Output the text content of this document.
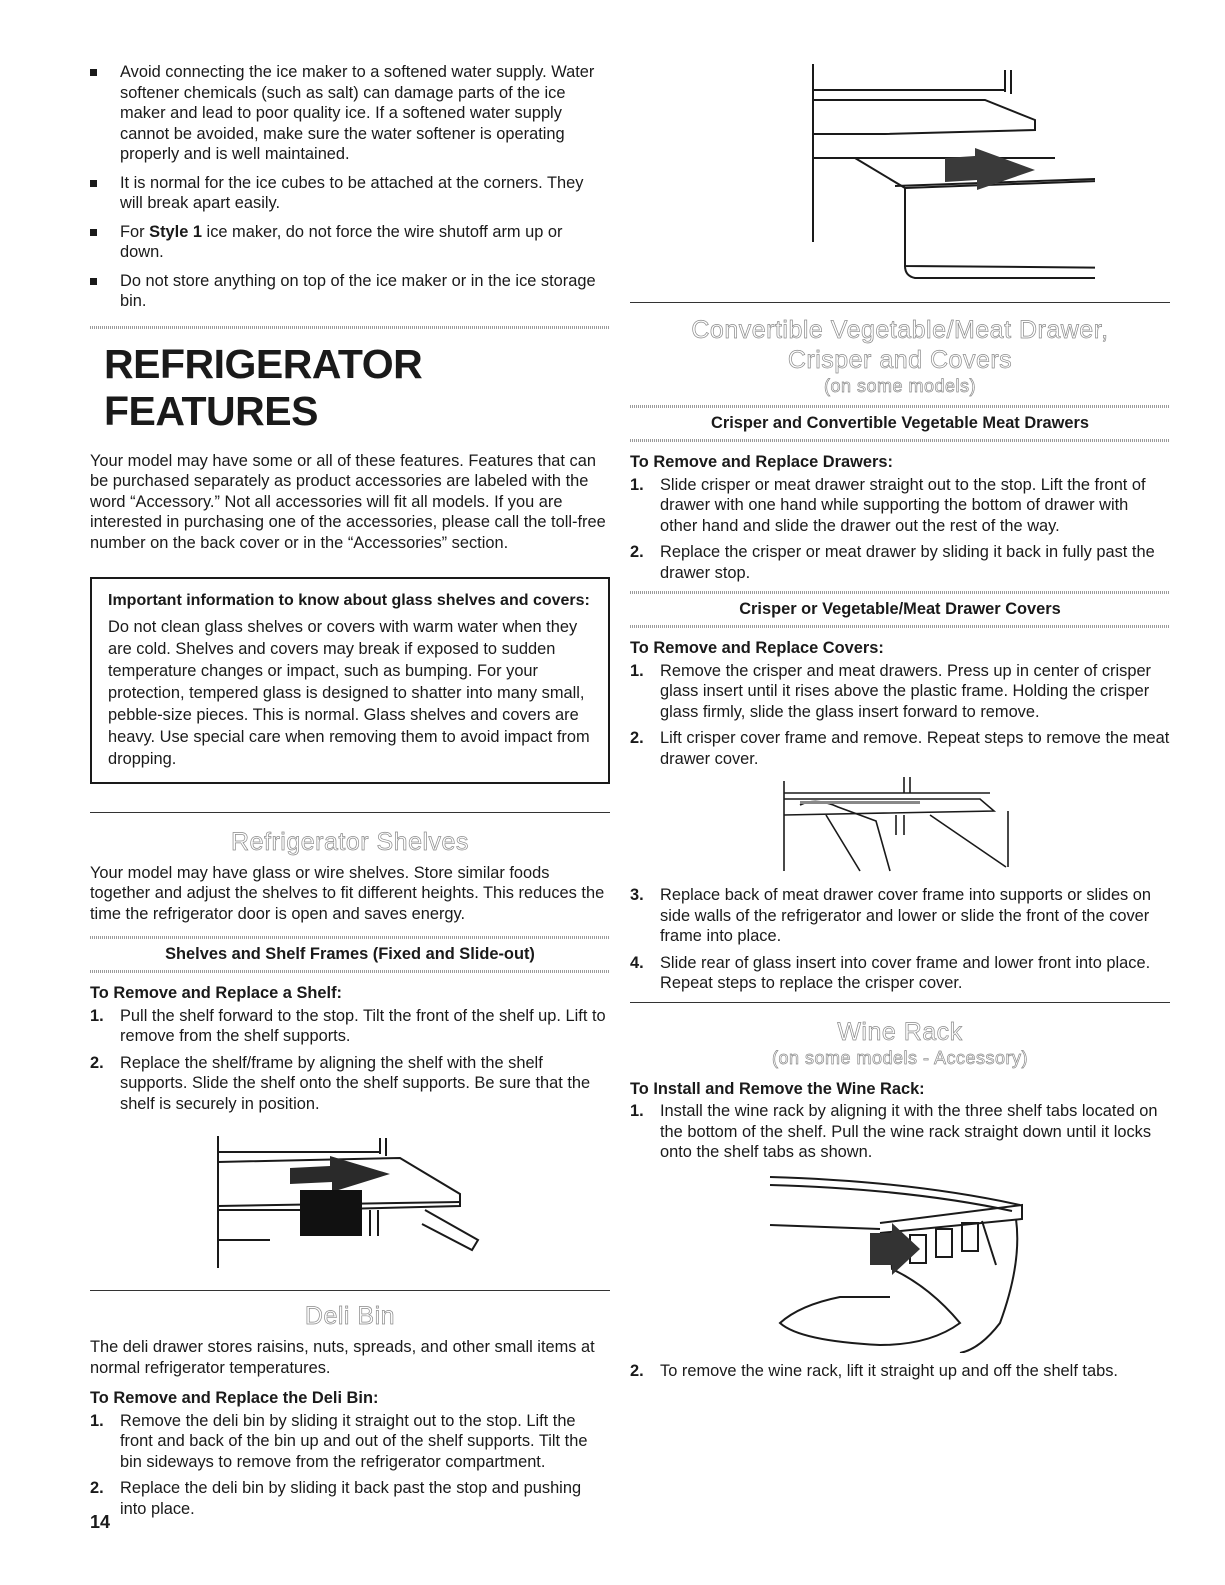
Avoid connecting the ice maker to a softened water supply. Water softener chemicals (such as salt) can damage parts of the ice maker and lead to poor quality ice. If a softened water supply cannot be avoided, make sure the water softener is operating properly and is well maintained.
It is normal for the ice cubes to be attached at the corners. They will break apart easily.
For Style 1 ice maker, do not force the wire shutoff arm up or down.
Do not store anything on top of the ice maker or in the ice storage bin.
REFRIGERATOR FEATURES

Your model may have some or all of these features. Features that can be purchased separately as product accessories are labeled with the word “Accessory.” Not all accessories will fit all models. If you are interested in purchasing one of the accessories, please call the toll-free number on the back cover or in the “Accessories” section.

Important information to know about glass shelves and covers:
Do not clean glass shelves or covers with warm water when they are cold. Shelves and covers may break if exposed to sudden temperature changes or impact, such as bumping. For your protection, tempered glass is designed to shatter into many small, pebble-size pieces. This is normal. Glass shelves and covers are heavy. Use special care when removing them to avoid impact from dropping.
Refrigerator Shelves

Your model may have glass or wire shelves. Store similar foods together and adjust the shelves to fit different heights. This reduces the time the refrigerator door is open and saves energy.

Shelves and Shelf Frames (Fixed and Slide-out)
To Remove and Replace a Shelf:
1. Pull the shelf forward to the stop. Tilt the front of the shelf up. Lift to remove from the shelf supports.
2. Replace the shelf/frame by aligning the shelf with the shelf supports. Slide the shelf onto the shelf supports. Be sure that the shelf is securely in position.
Deli Bin

The deli drawer stores raisins, nuts, spreads, and other small items at normal refrigerator temperatures.

To Remove and Replace the Deli Bin:
1. Remove the deli bin by sliding it straight out to the stop. Lift the front and back of the bin up and out of the shelf supports. Tilt the bin sideways to remove from the refrigerator compartment.
2. Replace the deli bin by sliding it back past the stop and pushing into place.
Convertible Vegetable/Meat Drawer,
Crisper and Covers
(on some models)
Crisper and Convertible Vegetable Meat Drawers
To Remove and Replace Drawers:
1. Slide crisper or meat drawer straight out to the stop. Lift the front of drawer with one hand while supporting the bottom of drawer with other hand and slide the drawer out the rest of the way.
2. Replace the crisper or meat drawer by sliding it back in fully past the drawer stop.
Crisper or Vegetable/Meat Drawer Covers
To Remove and Replace Covers:
1. Remove the crisper and meat drawers. Press up in center of crisper glass insert until it rises above the plastic frame. Holding the crisper glass firmly, slide the glass insert forward to remove.
2. Lift crisper cover frame and remove. Repeat steps to remove the meat drawer cover.
3. Replace back of meat drawer cover frame into supports or slides on side walls of the refrigerator and lower or slide the front of the cover frame into place.
4. Slide rear of glass insert into cover frame and lower front into place. Repeat steps to replace the crisper cover.
Wine Rack
(on some models - Accessory)
To Install and Remove the Wine Rack:
1. Install the wine rack by aligning it with the three shelf tabs located on the bottom of the shelf. Pull the wine rack straight down until it locks onto the shelf tabs as shown.
2. To remove the wine rack, lift it straight up and off the shelf tabs.
14
